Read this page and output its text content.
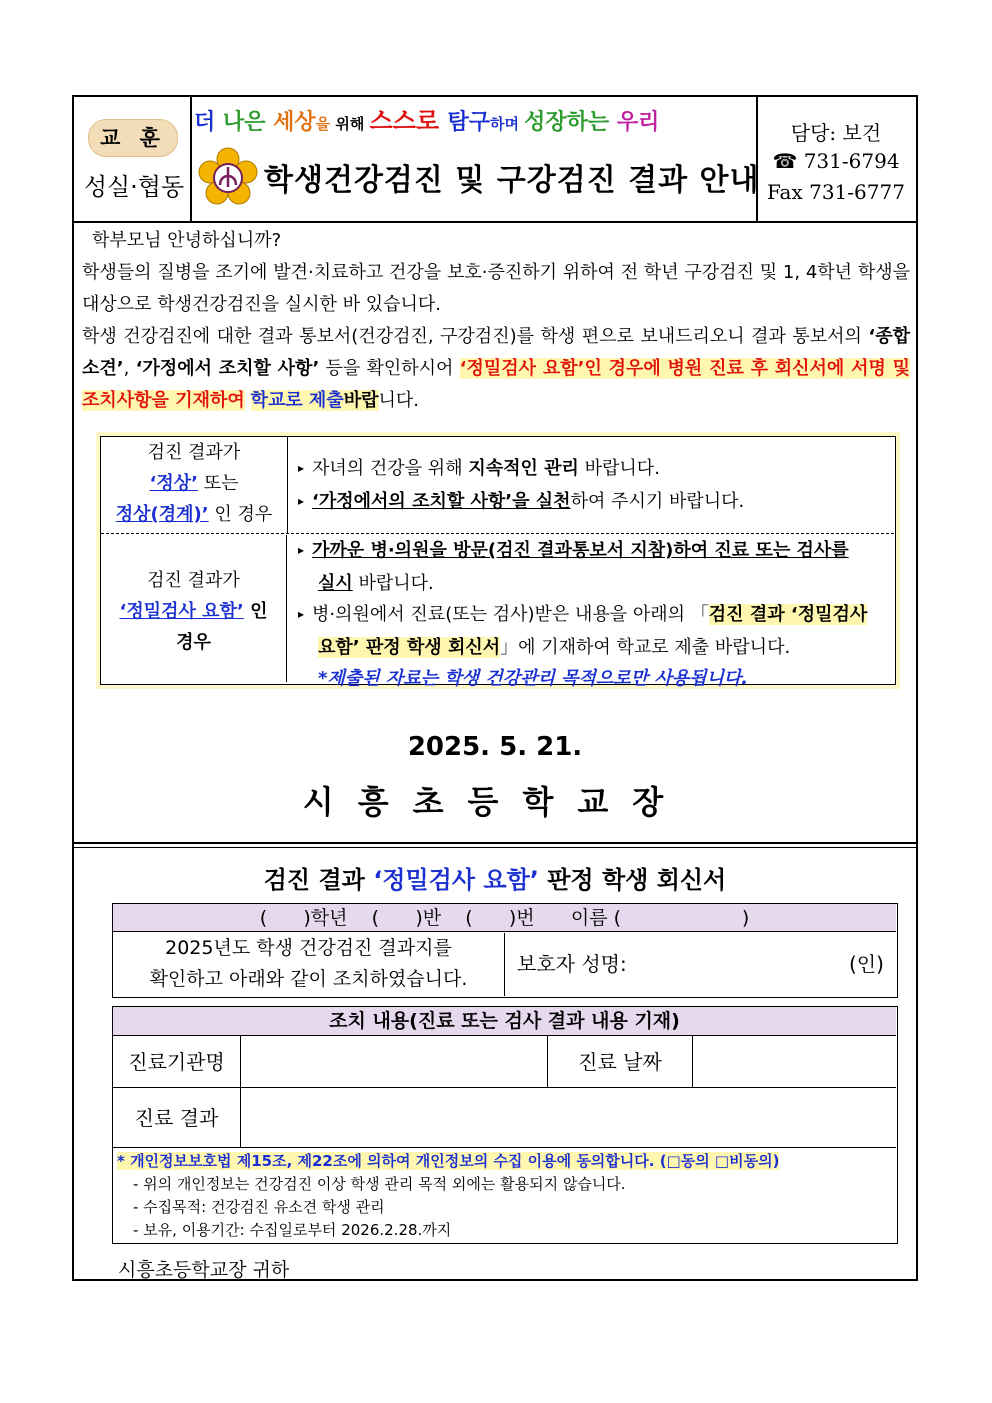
교 훈
성실·협동
더 나은 세상을 위해 스스로 탐구하며 성장하는 우리
학생건강검진 및 구강검진 결과 안내
담당: 보건
☎ 731-6794
Fax 731-6777

학부모님 안녕하십니까?

학생들의 질병을 조기에 발견·치료하고 건강을 보호·증진하기 위하여 전 학년 구강검진 및 1, 4학년 학생을 대상으로 학생건강검진을 실시한 바 있습니다.

학생 건강검진에 대한 결과 통보서(건강검진, 구강검진)를 학생 편으로 보내드리오니 결과 통보서의 ‘종합 소견’, ‘가정에서 조치할 사항’ 등을 확인하시어 ‘정밀검사 요함’인 경우에 병원 진료 후 회신서에 서명 및 조치사항을 기재하여 학교로 제출바랍니다.

검진 결과가
‘정상’ 또는
정상(경계)’ 인 경우
▸ 자녀의 건강을 위해 지속적인 관리 바랍니다.
▸ ‘가정에서의 조치할 사항’을 실천하여 주시기 바랍니다.
검진 결과가
‘정밀검사 요함’ 인
경우
▸ 가까운 병·의원을 방문(검진 결과통보서 지참)하여 진료 또는 검사를
실시 바랍니다.
▸ 병·의원에서 진료(또는 검사)받은 내용을 아래의 「검진 결과 ‘정밀검사
요함’ 판정 학생 회신서」에 기재하여 학교로 제출 바랍니다.
*제출된 자료는 학생 건강관리 목적으로만 사용됩니다.
2025. 5. 21.
시흥초등학교장
검진 결과 ‘정밀검사 요함’ 판정 학생 회신서
(      )학년    (      )반    (      )번      이름 (                    )
2025년도 학생 건강검진 결과지를
확인하고 아래와 같이 조치하였습니다.
보호자 성명:	(인)
조치 내용(진료 또는 검사 결과 내용 기재)
진료기관명	진료 날짜
진료 결과
* 개인정보보호법 제15조, 제22조에 의하여 개인정보의 수집 이용에 동의합니다. (□동의 □비동의)
- 위의 개인정보는 건강검진 이상 학생 관리 목적 외에는 활용되지 않습니다.
- 수집목적: 건강검진 유소견 학생 관리
- 보유, 이용기간: 수집일로부터 2026.2.28.까지
시흥초등학교장 귀하
